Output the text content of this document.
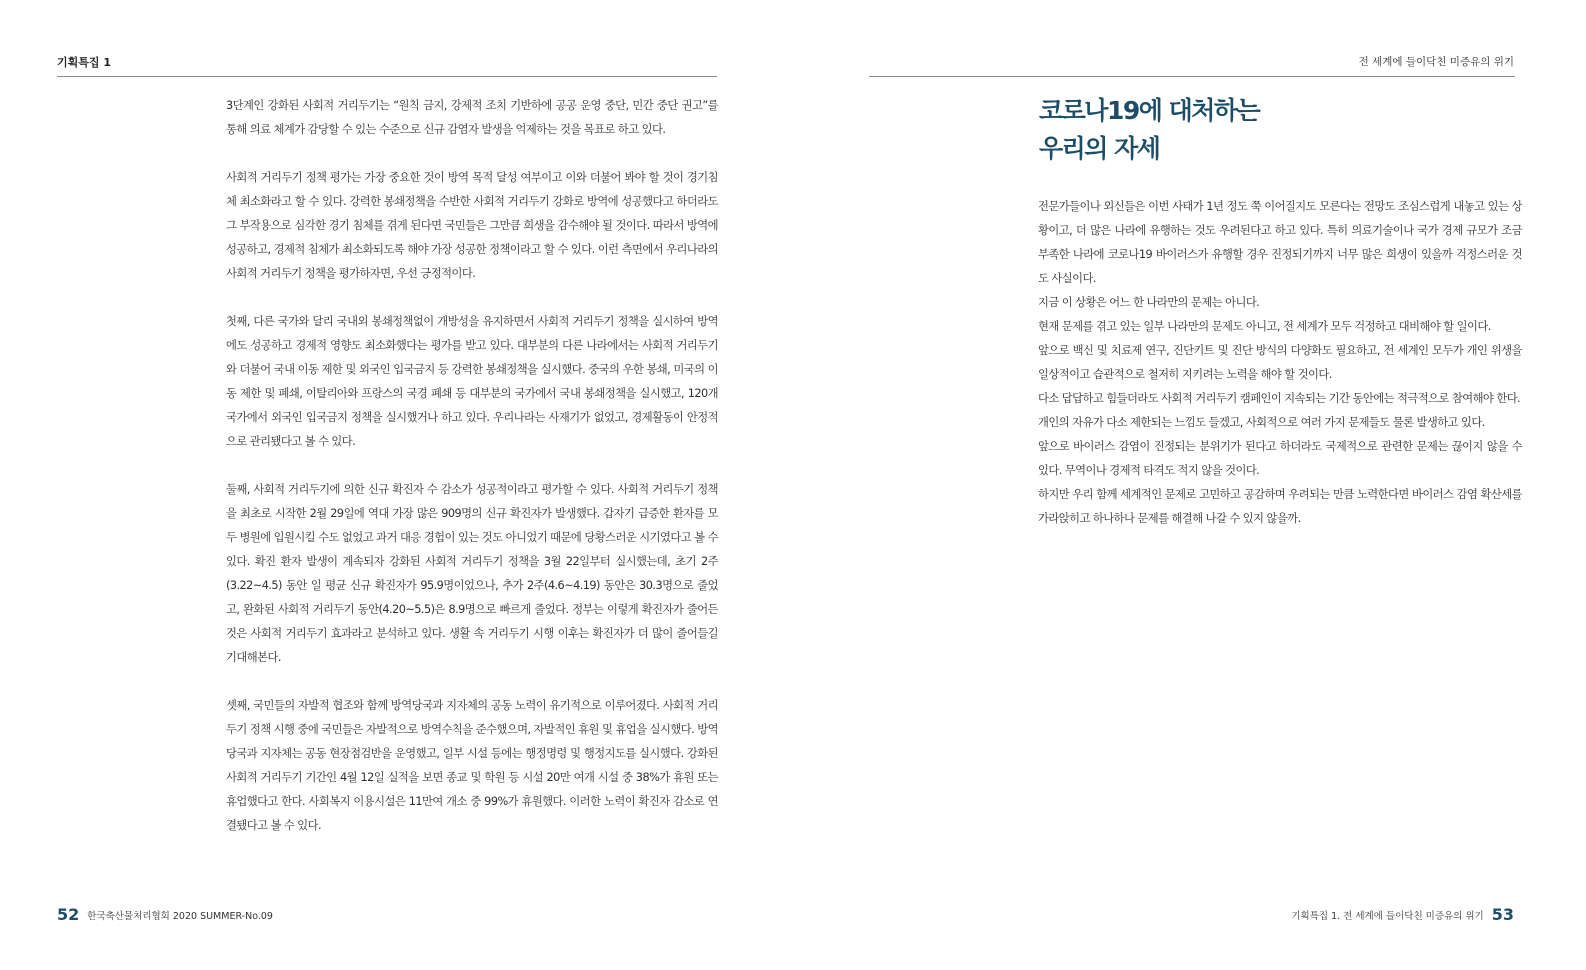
기획특집 1

3단계인 강화된 사회적 거리두기는 “원칙 금지, 강제적 조치 기반하에 공공 운영 중단, 민간 중단 권고”를 통해 의료 체계가 감당할 수 있는 수준으로 신규 감염자 발생을 억제하는 것을 목표로 하고 있다.

사회적 거리두기 정책 평가는 가장 중요한 것이 방역 목적 달성 여부이고 이와 더불어 봐야 할 것이 경기침체 최소화라고 할 수 있다. 강력한 봉쇄정책을 수반한 사회적 거리두기 강화로 방역에 성공했다고 하더라도 그 부작용으로 심각한 경기 침체를 겪게 된다면 국민들은 그만큼 희생을 감수해야 될 것이다. 따라서 방역에 성공하고, 경제적 침체가 최소화되도록 해야 가장 성공한 정책이라고 할 수 있다. 이런 측면에서 우리나라의 사회적 거리두기 정책을 평가하자면, 우선 긍정적이다.

첫째, 다른 국가와 달리 국내외 봉쇄정책없이 개방성을 유지하면서 사회적 거리두기 정책을 실시하여 방역에도 성공하고 경제적 영향도 최소화했다는 평가를 받고 있다. 대부분의 다른 나라에서는 사회적 거리두기와 더불어 국내 이동 제한 및 외국인 입국금지 등 강력한 봉쇄정책을 실시했다. 중국의 우한 봉쇄, 미국의 이동 제한 및 폐쇄, 이탈리아와 프랑스의 국경 폐쇄 등 대부분의 국가에서 국내 봉쇄정책을 실시했고, 120개 국가에서 외국인 입국금지 정책을 실시했거나 하고 있다. 우리나라는 사재기가 없었고, 경제활동이 안정적으로 관리됐다고 볼 수 있다.

둘째, 사회적 거리두기에 의한 신규 확진자 수 감소가 성공적이라고 평가할 수 있다. 사회적 거리두기 정책을 최초로 시작한 2월 29일에 역대 가장 많은 909명의 신규 확진자가 발생했다. 갑자기 급증한 환자를 모두 병원에 입원시킬 수도 없었고 과거 대응 경험이 있는 것도 아니었기 때문에 당황스러운 시기였다고 볼 수 있다. 확진 환자 발생이 계속되자 강화된 사회적 거리두기 정책을 3월 22일부터 실시했는데, 초기 2주(3.22~4.5) 동안 일 평균 신규 확진자가 95.9명이었으나, 추가 2주(4.6~4.19) 동안은 30.3명으로 줄었고, 완화된 사회적 거리두기 동안(4.20~5.5)은 8.9명으로 빠르게 줄었다. 정부는 이렇게 확진자가 줄어든 것은 사회적 거리두기 효과라고 분석하고 있다. 생활 속 거리두기 시행 이후는 확진자가 더 많이 줄어들길 기대해본다.

셋째, 국민들의 자발적 협조와 함께 방역당국과 지자체의 공동 노력이 유기적으로 이루어졌다. 사회적 거리두기 정책 시행 중에 국민들은 자발적으로 방역수칙을 준수했으며, 자발적인 휴원 및 휴업을 실시했다. 방역당국과 지자체는 공동 현장점검반을 운영했고, 일부 시설 등에는 행정명령 및 행정지도를 실시했다. 강화된 사회적 거리두기 기간인 4월 12일 실적을 보면 종교 및 학원 등 시설 20만 여개 시설 중 38%가 휴원 또는 휴업했다고 한다. 사회복지 이용시설은 11만여 개소 중 99%가 휴원했다. 이러한 노력이 확진자 감소로 연결됐다고 볼 수 있다.

52 한국축산물처리협회 2020 SUMMER-No.09
전 세계에 들이닥친 미증유의 위기
코로나19에 대처하는
우리의 자세

전문가들이나 외신들은 이번 사태가 1년 정도 쭉 이어질지도 모른다는 전망도 조심스럽게 내놓고 있는 상황이고, 더 많은 나라에 유행하는 것도 우려된다고 하고 있다. 특히 의료기술이나 국가 경제 규모가 조금 부족한 나라에 코로나19 바이러스가 유행할 경우 진정되기까지 너무 많은 희생이 있을까 걱정스러운 것도 사실이다.

지금 이 상황은 어느 한 나라만의 문제는 아니다.

현재 문제를 겪고 있는 일부 나라만의 문제도 아니고, 전 세계가 모두 걱정하고 대비해야 할 일이다.

앞으로 백신 및 치료제 연구, 진단키트 및 진단 방식의 다양화도 필요하고, 전 세계인 모두가 개인 위생을 일상적이고 습관적으로 철저히 지키려는 노력을 해야 할 것이다.

다소 답답하고 힘들더라도 사회적 거리두기 캠페인이 지속되는 기간 동안에는 적극적으로 참여해야 한다.

개인의 자유가 다소 제한되는 느낌도 들겠고, 사회적으로 여러 가지 문제들도 물론 발생하고 있다.

앞으로 바이러스 감염이 진정되는 분위기가 된다고 하더라도 국제적으로 관련한 문제는 끊이지 않을 수 있다. 무역이나 경제적 타격도 적지 않을 것이다.

하지만 우리 함께 세계적인 문제로 고민하고 공감하며 우려되는 만큼 노력한다면 바이러스 감염 확산세를 가라앉히고 하나하나 문제를 해결해 나갈 수 있지 않을까.

기획특집 1. 전 세계에 들이닥친 미증유의 위기 53
